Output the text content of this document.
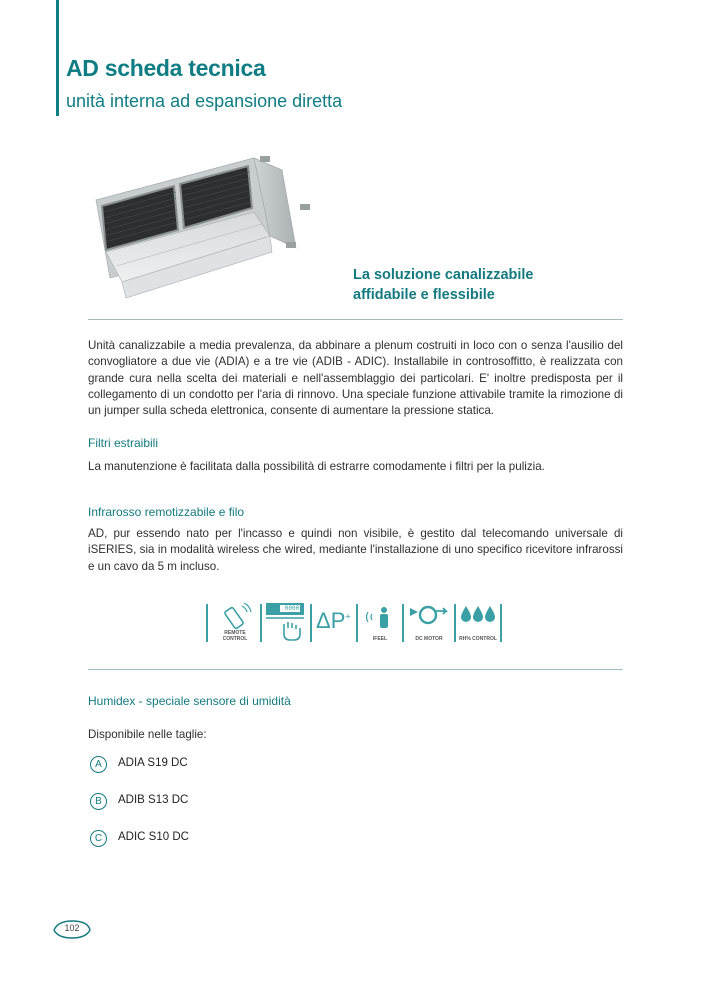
AD scheda tecnica
unità interna ad espansione diretta
La soluzione canalizzabile
affidabile e flessibile

Unità canalizzabile a media prevalenza, da abbinare a plenum costruiti in loco con o senza l'ausilio del convogliatore a due vie (ADIA) e a tre vie (ADIB - ADIC). Installabile in controsoffitto, è realizzata con grande cura nella scelta dei materiali e nell'assemblaggio dei particolari. E' inoltre predisposta per il collegamento di un condotto per l'aria di rinnovo. Una speciale funzione attivabile tramite la rimozione di un jumper sulla scheda elettronica, consente di aumentare la pressione statica.

Filtri estraibili

La manutenzione è facilitata dalla possibilità di estrarre comodamente i filtri per la pulizia.

Infrarosso remotizzabile e filo

AD, pur essendo nato per l'incasso e quindi non visibile, è gestito dal telecomando universale di iSERIES, sia in modalità wireless che wired, mediante l'installazione di uno specifico ricevitore infrarossi e un cavo da 5 m incluso.

REMOTE CONTROL
0000 ΔP+
IFEEL	DC MOTOR	RH% CONTROL
Humidex - speciale sensore di umidità
Disponibile nelle taglie:
A	ADIA S19 DC
B	ADIB S13 DC
C	ADIC S10 DC
102
